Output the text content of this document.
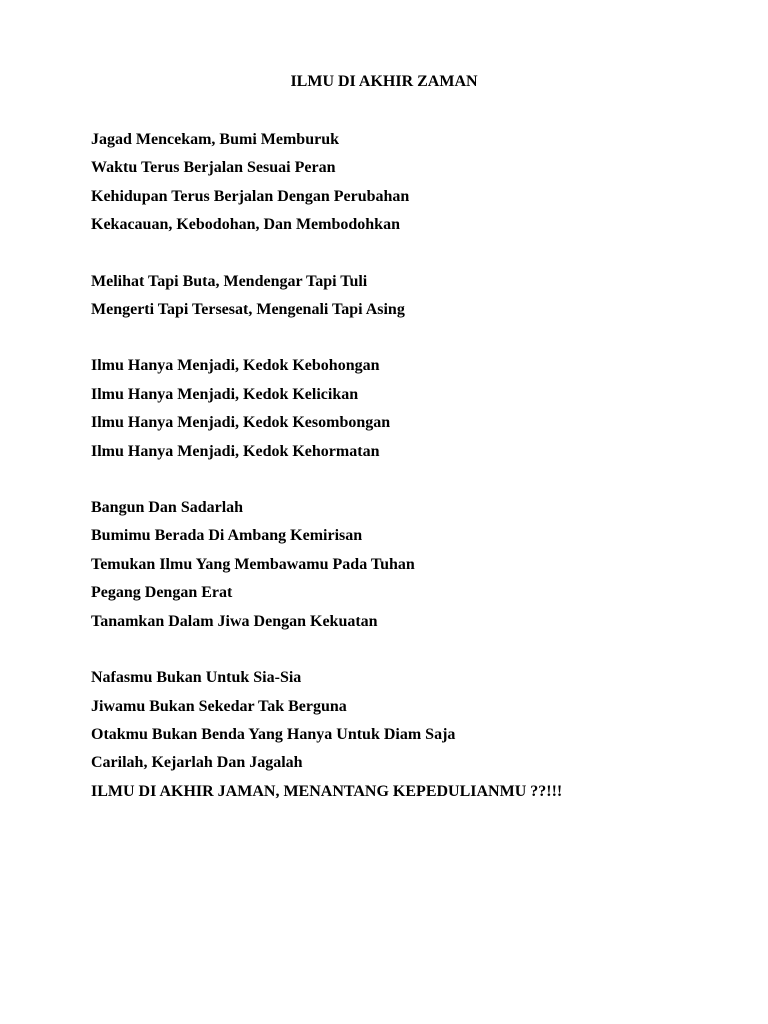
ILMU DI AKHIR ZAMAN
Jagad Mencekam, Bumi Memburuk
Waktu Terus Berjalan Sesuai Peran
Kehidupan Terus Berjalan Dengan Perubahan
Kekacauan, Kebodohan, Dan Membodohkan
Melihat Tapi Buta, Mendengar Tapi Tuli
Mengerti Tapi Tersesat, Mengenali Tapi Asing
Ilmu Hanya Menjadi, Kedok Kebohongan
Ilmu Hanya Menjadi, Kedok Kelicikan
Ilmu Hanya Menjadi, Kedok Kesombongan
Ilmu Hanya Menjadi, Kedok Kehormatan
Bangun Dan Sadarlah
Bumimu Berada Di Ambang Kemirisan
Temukan Ilmu Yang Membawamu Pada Tuhan
Pegang Dengan Erat
Tanamkan Dalam Jiwa Dengan Kekuatan
Nafasmu Bukan Untuk Sia-Sia
Jiwamu Bukan Sekedar Tak Berguna
Otakmu Bukan Benda Yang Hanya Untuk Diam Saja
Carilah, Kejarlah Dan Jagalah
ILMU DI AKHIR JAMAN, MENANTANG KEPEDULIANMU ??!!!
